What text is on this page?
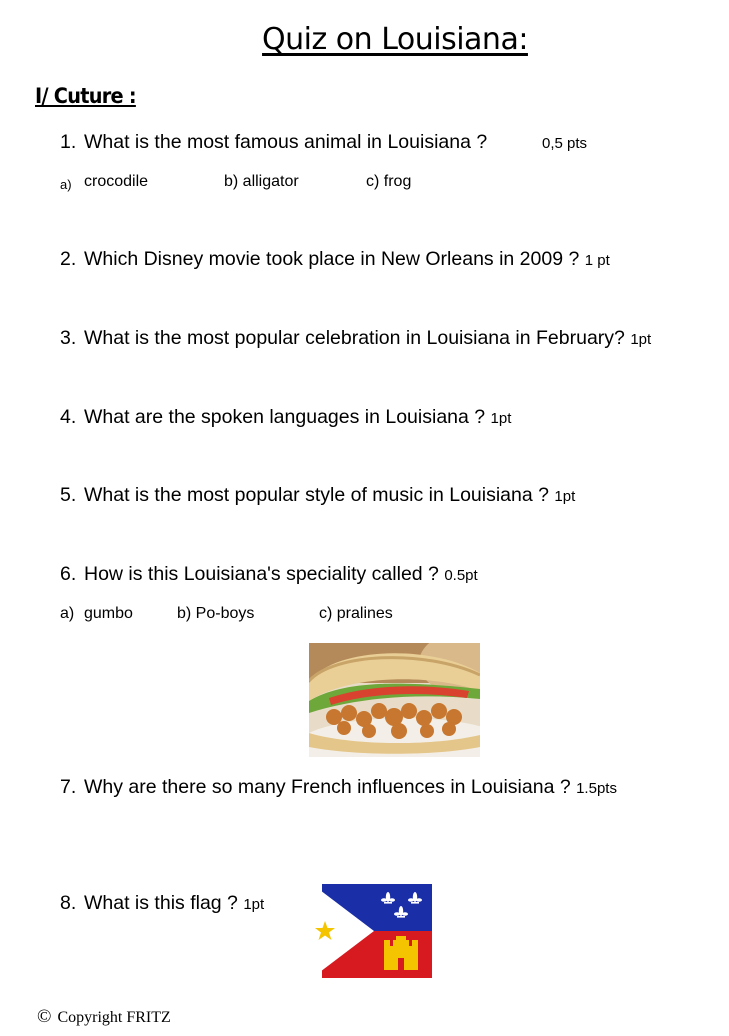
Quiz on Louisiana:
I/ Cuture :
1. What is the most famous animal in Louisiana ?	0,5 pts
a) crocodile	b) alligator	c) frog
2. Which Disney movie took place in New Orleans in 2009 ? 1 pt
3. What is the most popular celebration in Louisiana in February? 1pt
4. What are the spoken languages in Louisiana ? 1pt
5. What is the most popular style of music in Louisiana ? 1pt
6. How is this Louisiana's speciality called ? 0.5pt
a) gumbo	b) Po-boys	c) pralines
7. Why are there so many French influences in Louisiana ? 1.5pts
8. What is this flag ? 1pt
© Copyright FRITZ
